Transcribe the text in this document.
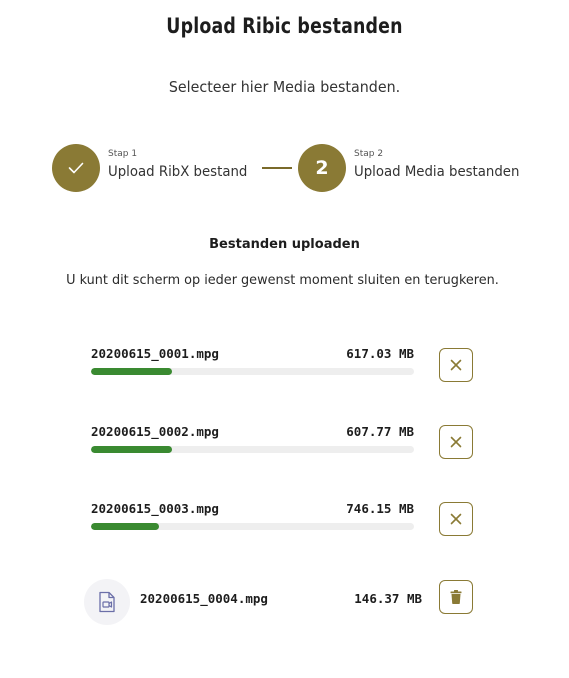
Upload Ribic bestanden
Selecteer hier Media bestanden.
Stap 1
Upload RibX bestand	2
Stap 2
Upload Media bestanden
Bestanden uploaden
U kunt dit scherm op ieder gewenst moment sluiten en terugkeren.
20200615_0001.mpg	617.03 MB
20200615_0002.mpg	607.77 MB
20200615_0003.mpg	746.15 MB
20200615_0004.mpg	146.37 MB
